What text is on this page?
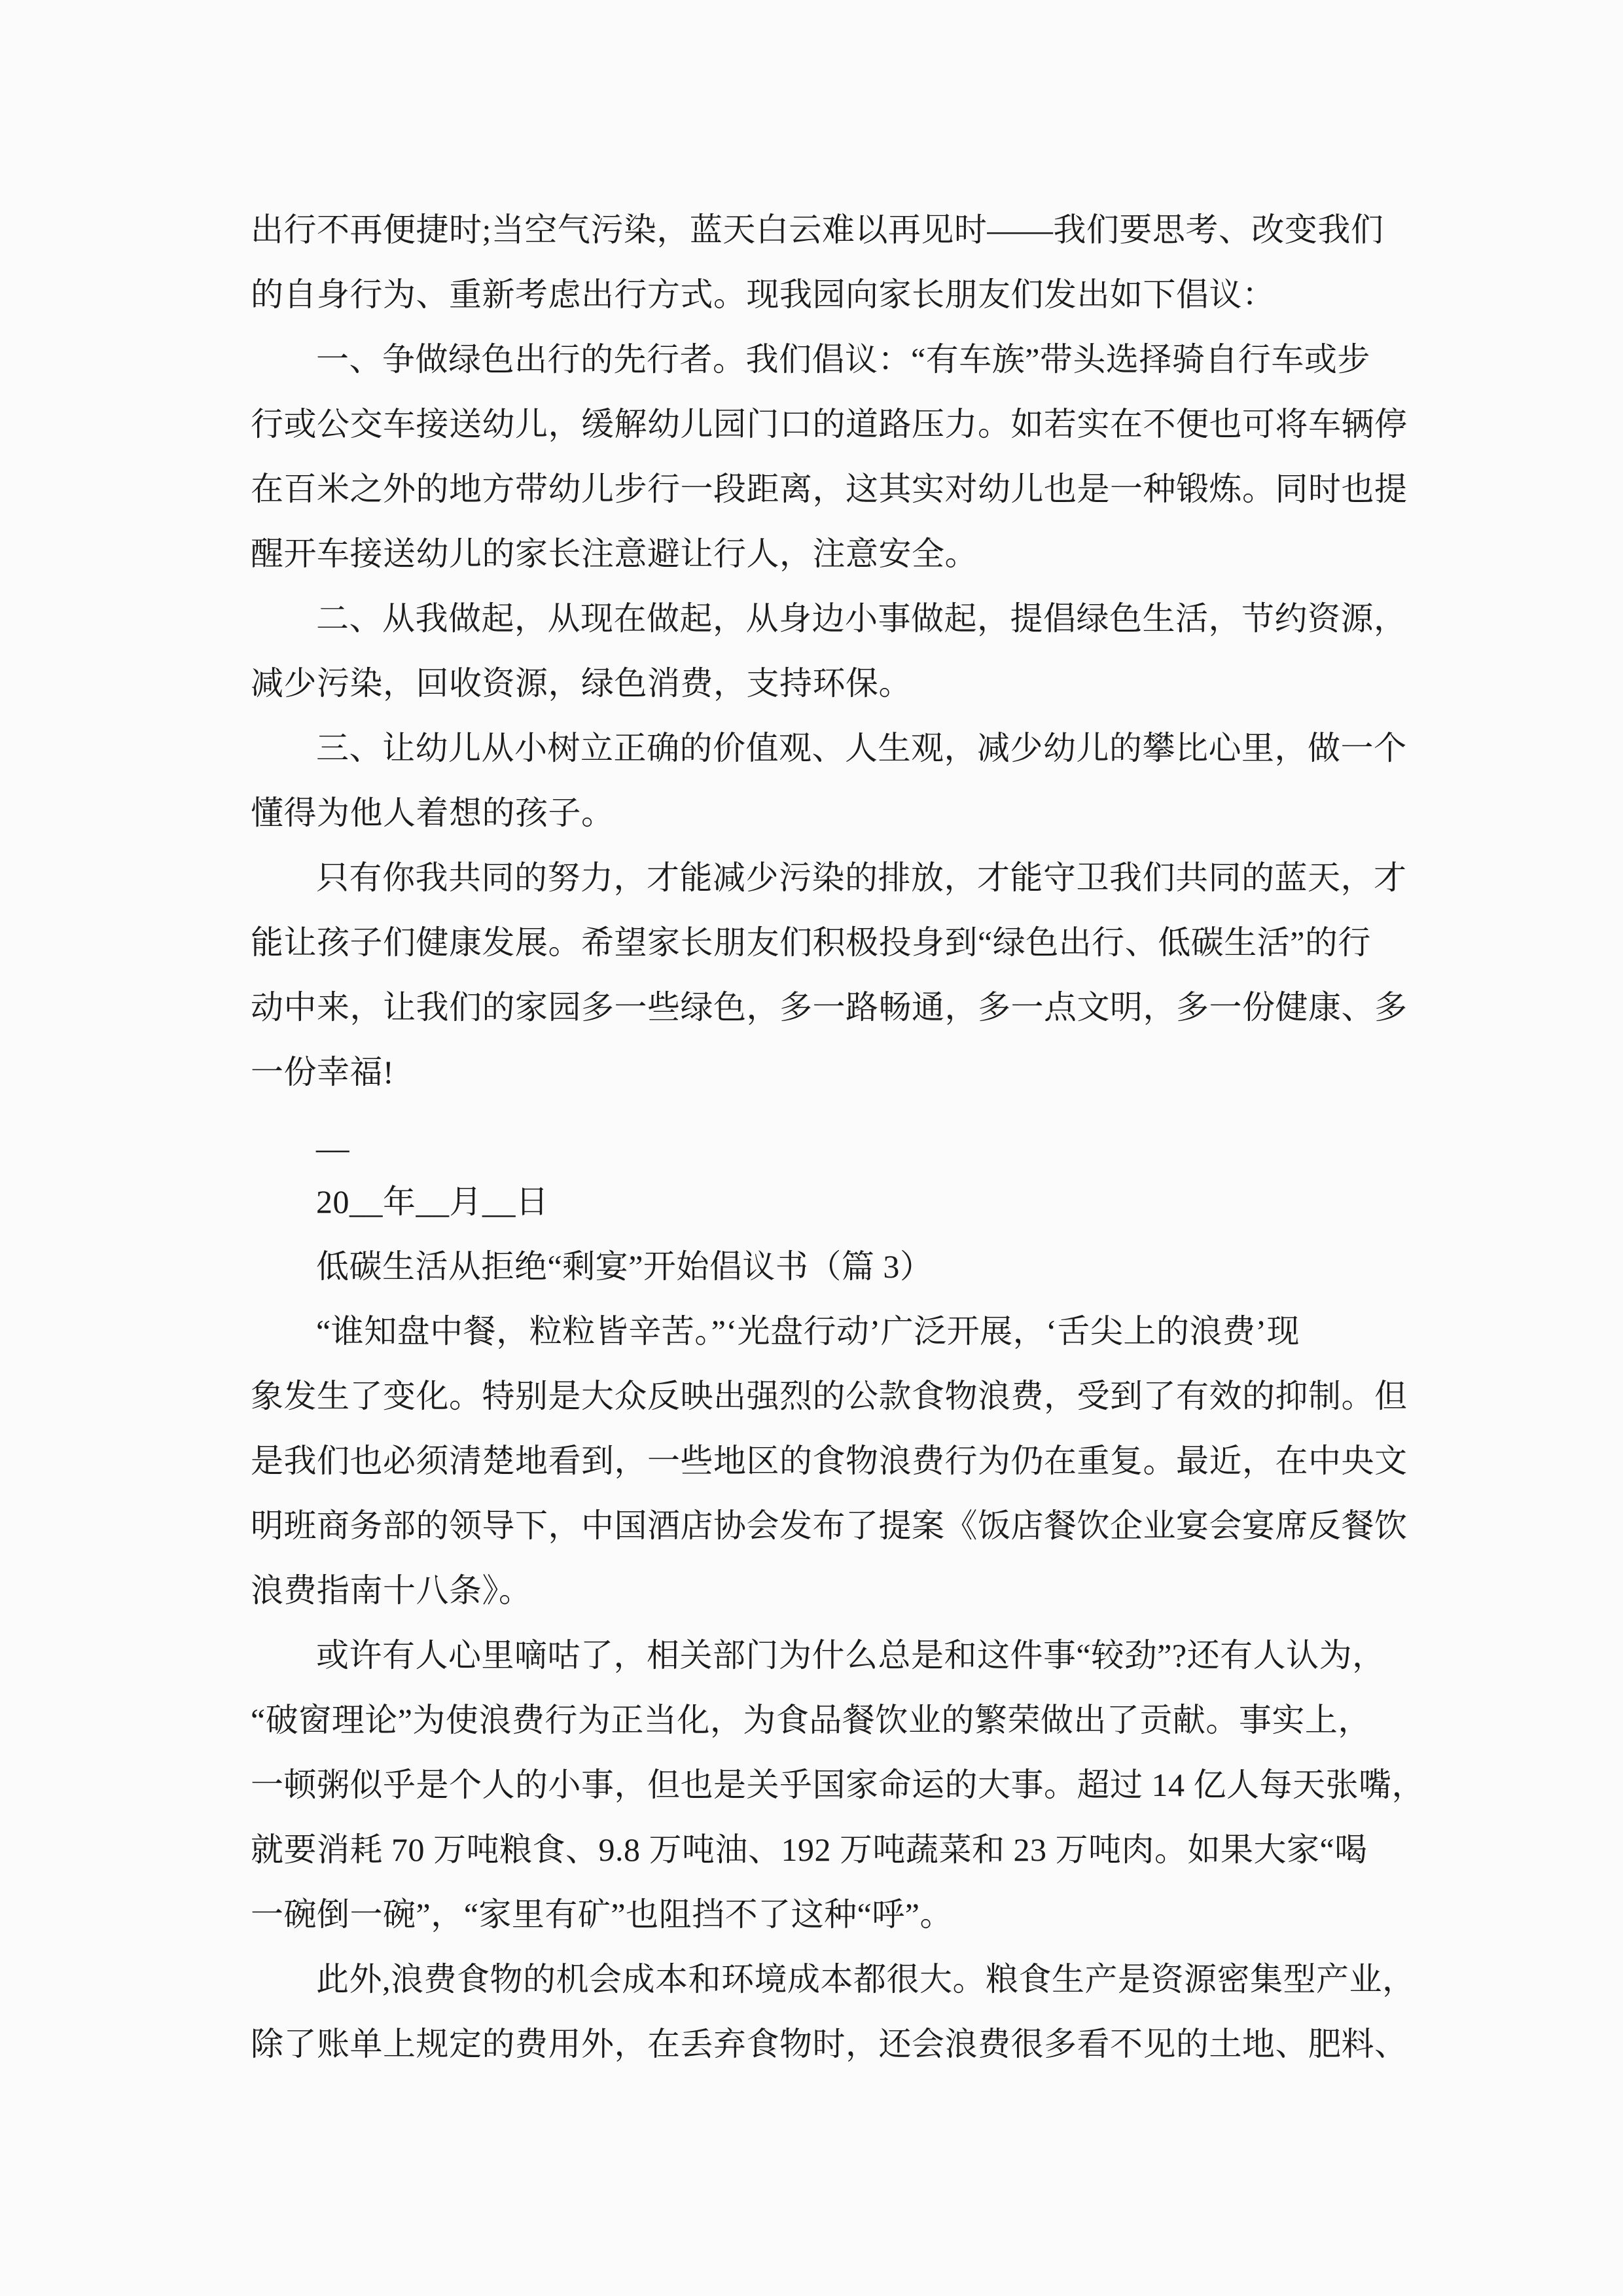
出行不再便捷时;当空气污染，蓝天白云难以再见时——我们要思考、改变我们

的自身行为、重新考虑出行方式。现我园向家长朋友们发出如下倡议：

一、争做绿色出行的先行者。我们倡议：“有车族”带头选择骑自行车或步

行或公交车接送幼儿，缓解幼儿园门口的道路压力。如若实在不便也可将车辆停

在百米之外的地方带幼儿步行一段距离，这其实对幼儿也是一种锻炼。同时也提

醒开车接送幼儿的家长注意避让行人，注意安全。

二、从我做起，从现在做起，从身边小事做起，提倡绿色生活，节约资源，

减少污染，回收资源，绿色消费，支持环保。

三、让幼儿从小树立正确的价值观、人生观，减少幼儿的攀比心里，做一个

懂得为他人着想的孩子。

只有你我共同的努力，才能减少污染的排放，才能守卫我们共同的蓝天，才

能让孩子们健康发展。希望家长朋友们积极投身到“绿色出行、低碳生活”的行

动中来，让我们的家园多一些绿色，多一路畅通，多一点文明，多一份健康、多

一份幸福!

__

20__年__月__日

低碳生活从拒绝“剩宴”开始倡议书（篇 3）

“谁知盘中餐，粒粒皆辛苦。”‘光盘行动’广泛开展，‘舌尖上的浪费’现

象发生了变化。特别是大众反映出强烈的公款食物浪费，受到了有效的抑制。但

是我们也必须清楚地看到，一些地区的食物浪费行为仍在重复。最近，在中央文

明班商务部的领导下，中国酒店协会发布了提案《饭店餐饮企业宴会宴席反餐饮

浪费指南十八条》。

或许有人心里嘀咕了，相关部门为什么总是和这件事“较劲”?还有人认为，

“破窗理论”为使浪费行为正当化，为食品餐饮业的繁荣做出了贡献。事实上，

一顿粥似乎是个人的小事，但也是关乎国家命运的大事。超过 14 亿人每天张嘴，

就要消耗 70 万吨粮食、9.8 万吨油、192 万吨蔬菜和 23 万吨肉。如果大家“喝

一碗倒一碗”，“家里有矿”也阻挡不了这种“呼”。

此外,浪费食物的机会成本和环境成本都很大。粮食生产是资源密集型产业，

除了账单上规定的费用外，在丢弃食物时，还会浪费很多看不见的土地、肥料、
